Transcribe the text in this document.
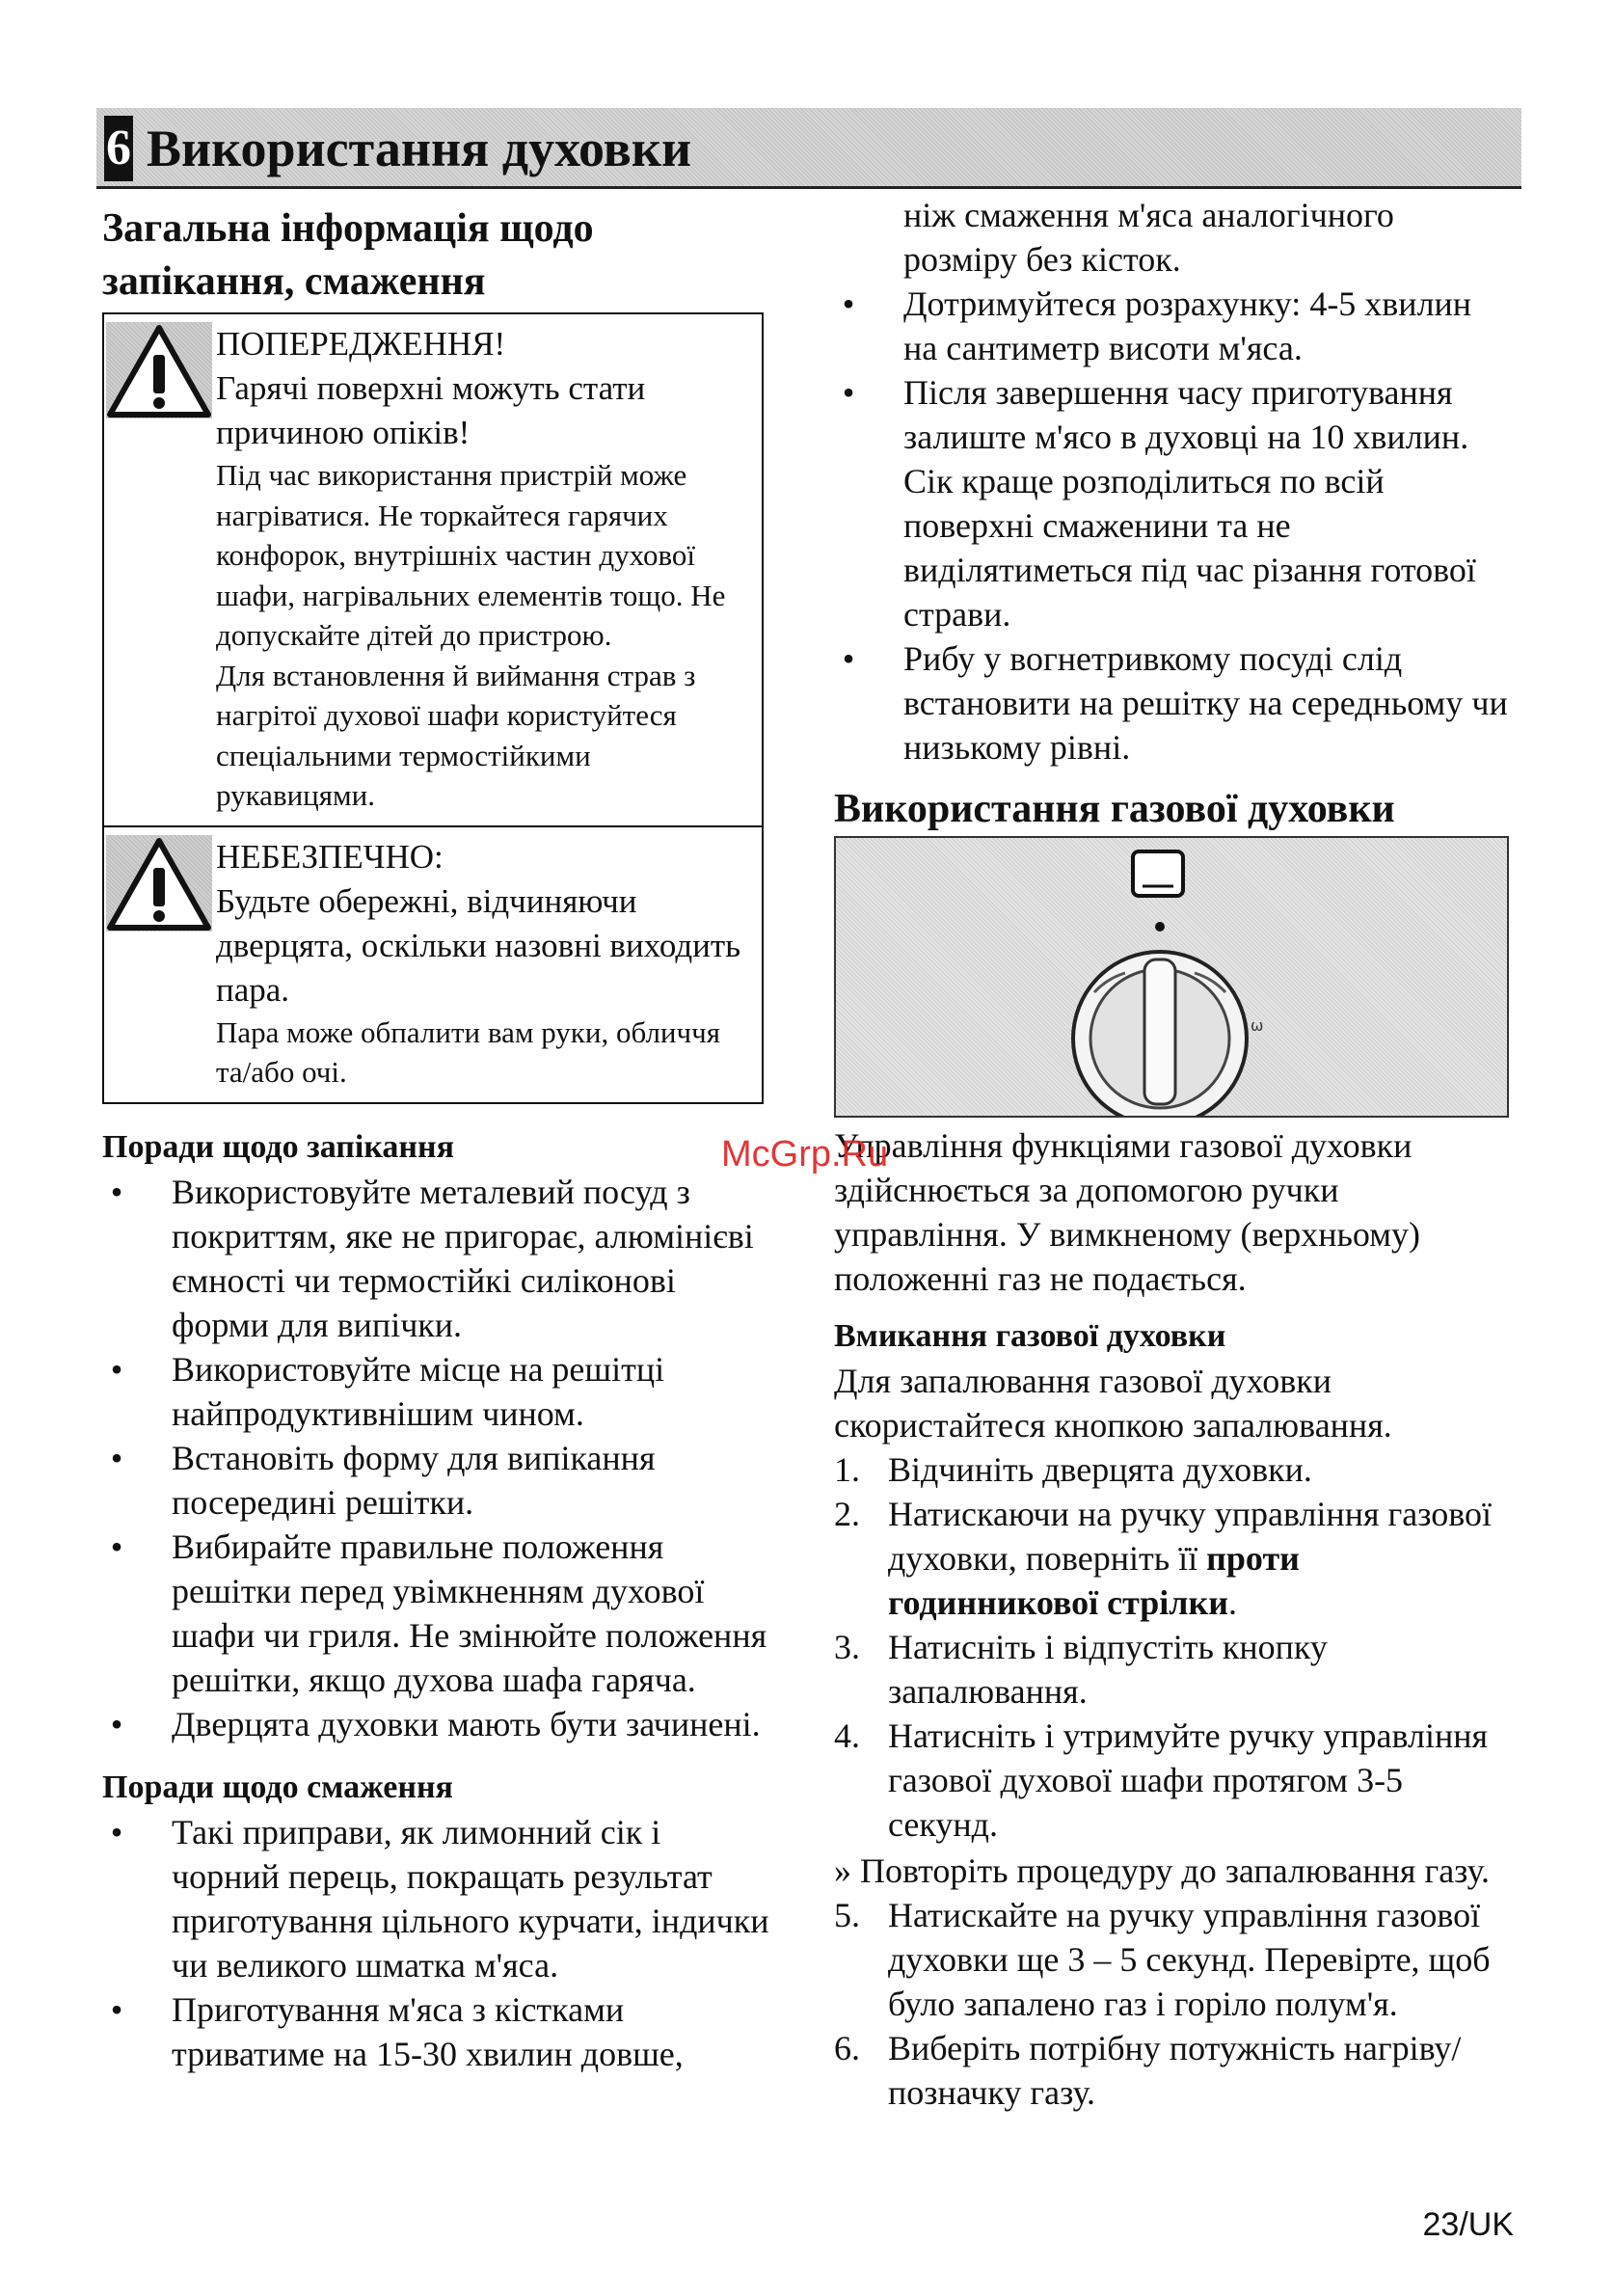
6 Використання духовки
Загальна інформація щодо запікання, смаження

ПОПЕРЕДЖЕННЯ!

Гарячі поверхні можуть стати причиною опіків!

Під час використання пристрій може нагріватися. Не торкайтеся гарячих конфорок, внутрішніх частин духової шафи, нагрівальних елементів тощо. Не допускайте дітей до пристрою.

Для встановлення й виймання страв з нагрітої духової шафи користуйтеся спеціальними термостійкими рукавицями.

НЕБЕЗПЕЧНО:

Будьте обережні, відчиняючи дверцята, оскільки назовні виходить пара.

Пара може обпалити вам руки, обличчя та/або очі.

Поради щодо запікання
• Використовуйте металевий посуд з покриттям, яке не пригорає, алюмінієві ємності чи термостійкі силіконові форми для випічки.
• Використовуйте місце на решітці найпродуктивнішим чином.
• Встановіть форму для випікання посередині решітки.
• Вибирайте правильне положення решітки перед увімкненням духової шафи чи гриля. Не змінюйте положення решітки, якщо духова шафа гаряча.
• Дверцята духовки мають бути зачинені.
Поради щодо смаження
• Такі приправи, як лимонний сік і чорний перець, покращать результат приготування цільного курчати, індички чи великого шматка м'яса.
• Приготування м'яса з кістками триватиме на 15-30 хвилин довше,

ніж смаження м'яса аналогічного розміру без кісток.

• Дотримуйтеся розрахунку: 4-5 хвилин на сантиметр висоти м'яса.
• Після завершення часу приготування залиште м'ясо в духовці на 10 хвилин. Сік краще розподілиться по всій поверхні смаженини та не виділятиметься під час різання готової страви.
• Рибу у вогнетривкому посуді слід встановити на решітку на середньому чи низькому рівні.
Використання газової духовки
ω

Управління функціями газової духовки здійснюється за допомогою ручки управління. У вимкненому (верхньому) положенні газ не подається.

Вмикання газової духовки

Для запалювання газової духовки скористайтеся кнопкою запалювання.

1. Відчиніть дверцята духовки.
2. Натискаючи на ручку управління газової духовки, поверніть її проти годинникової стрілки.
3. Натисніть і відпустіть кнопку запалювання.
4. Натисніть і утримуйте ручку управління газової духової шафи протягом 3-5 секунд.

» Повторіть процедуру до запалювання газу.

5. Натискайте на ручку управління газової духовки ще 3 – 5 секунд. Перевірте, щоб було запалено газ і горіло полум'я.
6. Виберіть потрібну потужність нагріву/позначку газу.
McGrp.Ru
23/UK
